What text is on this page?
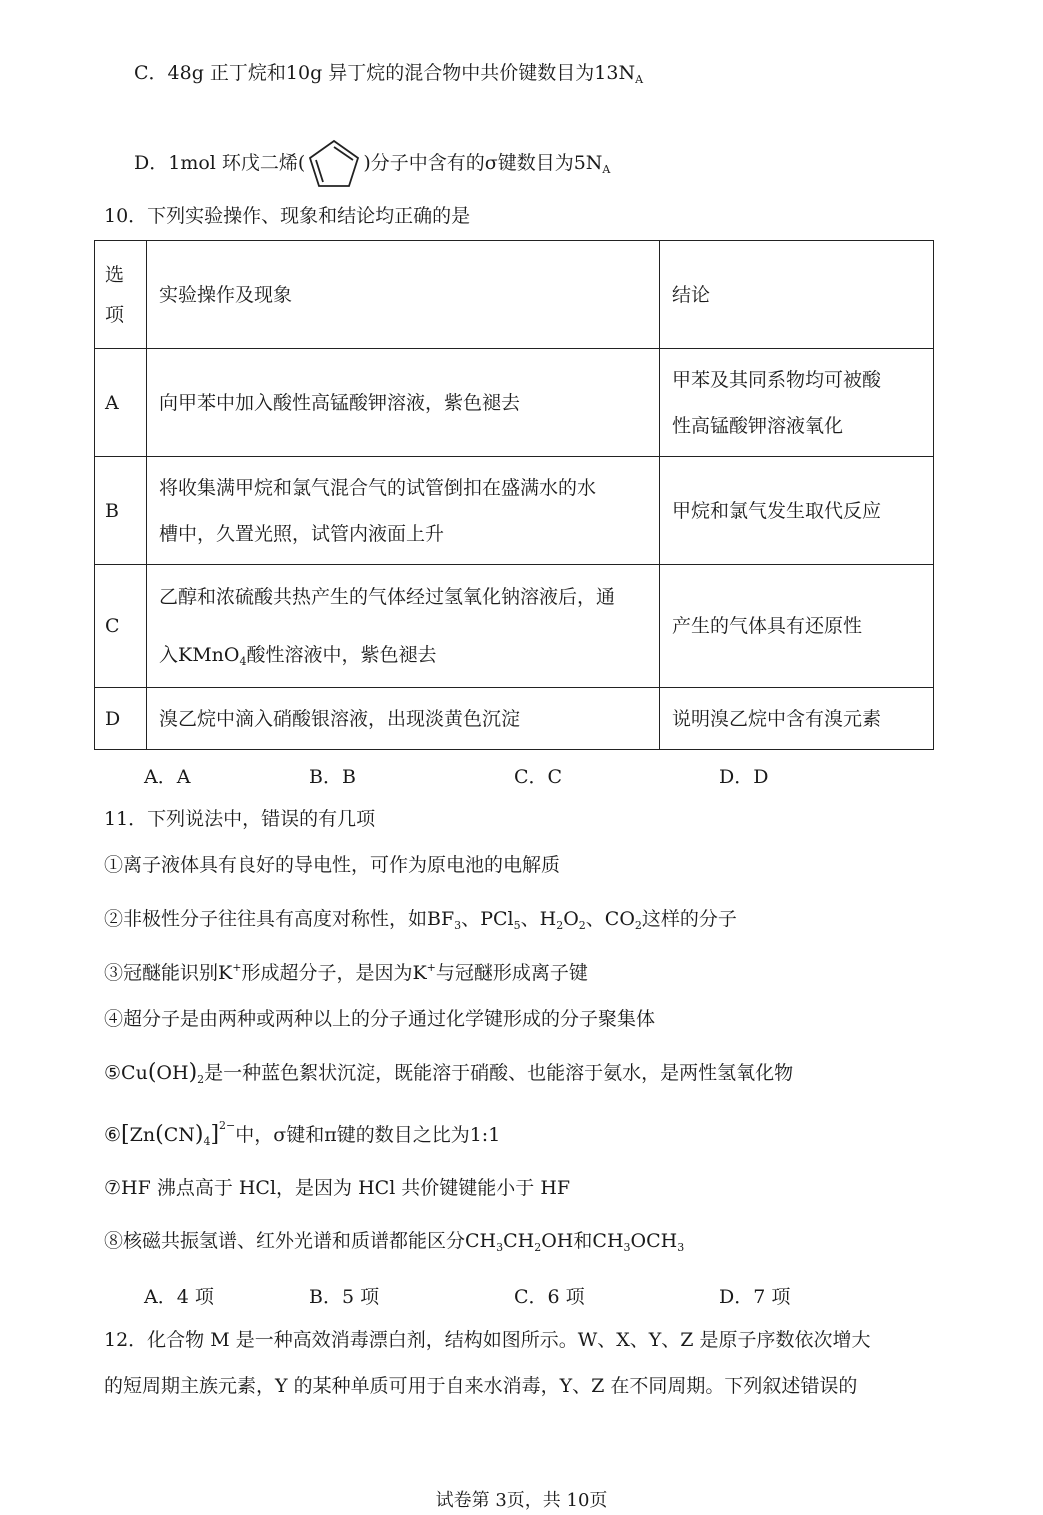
C．48g 正丁烷和10g 异丁烷的混合物中共价键数目为$13N_A$
D．1mol 环戊二烯(	)分子中含有的σ键数目为$5N_A$
10．下列实验操作、现象和结论均正确的是
选项	实验操作及现象	结论
A	向甲苯中加入酸性高锰酸钾溶液，紫色褪去	甲苯及其同系物均可被酸
性高锰酸钾溶液氧化

B	将收集满甲烷和氯气混合气的试管倒扣在盛满水的水
槽中，久置光照，试管内液面上升	甲烷和氯气发生取代反应
C	乙醇和浓硫酸共热产生的气体经过氢氧化钠溶液后，通
入KMnO$_4$酸性溶液中，紫色褪去	产生的气体具有还原性
D	溴乙烷中滴入硝酸银溶液，出现淡黄色沉淀	说明溴乙烷中含有溴元素
A．A	B．B	C．C	D．D
11．下列说法中，错误的有几项
①离子液体具有良好的导电性，可作为原电池的电解质
②非极性分子往往具有高度对称性，如$BF_3$、PCl$_5$、$H_2O_2$、$CO_2$这样的分子
③冠醚能识别K+形成超分子，是因为K+与冠醚形成离子键
④超分子是由两种或两种以上的分子通过化学键形成的分子聚集体
$⑤Cu(OH)_2$是一种蓝色絮状沉淀，既能溶于硝酸、也能溶于氨水，是两性氢氧化物
$⑥[Zn(CN)_4]^{2-}$中，σ键和π键的数目之比为1:1
⑦HF 沸点高于 HCl，是因为 HCl 共价键键能小于 HF
⑧核磁共振氢谱、红外光谱和质谱都能区分$CH_3CH_2OH$和$CH_3OCH_3$
A．4 项	B．5 项	C．6 项	D．7 项
12．化合物 M 是一种高效消毒漂白剂，结构如图所示。W、X、Y、Z 是原子序数依次增大
的短周期主族元素，Y 的某种单质可用于自来水消毒，Y、Z 在不同周期。下列叙述错误的
试卷第 3页，共 10页
